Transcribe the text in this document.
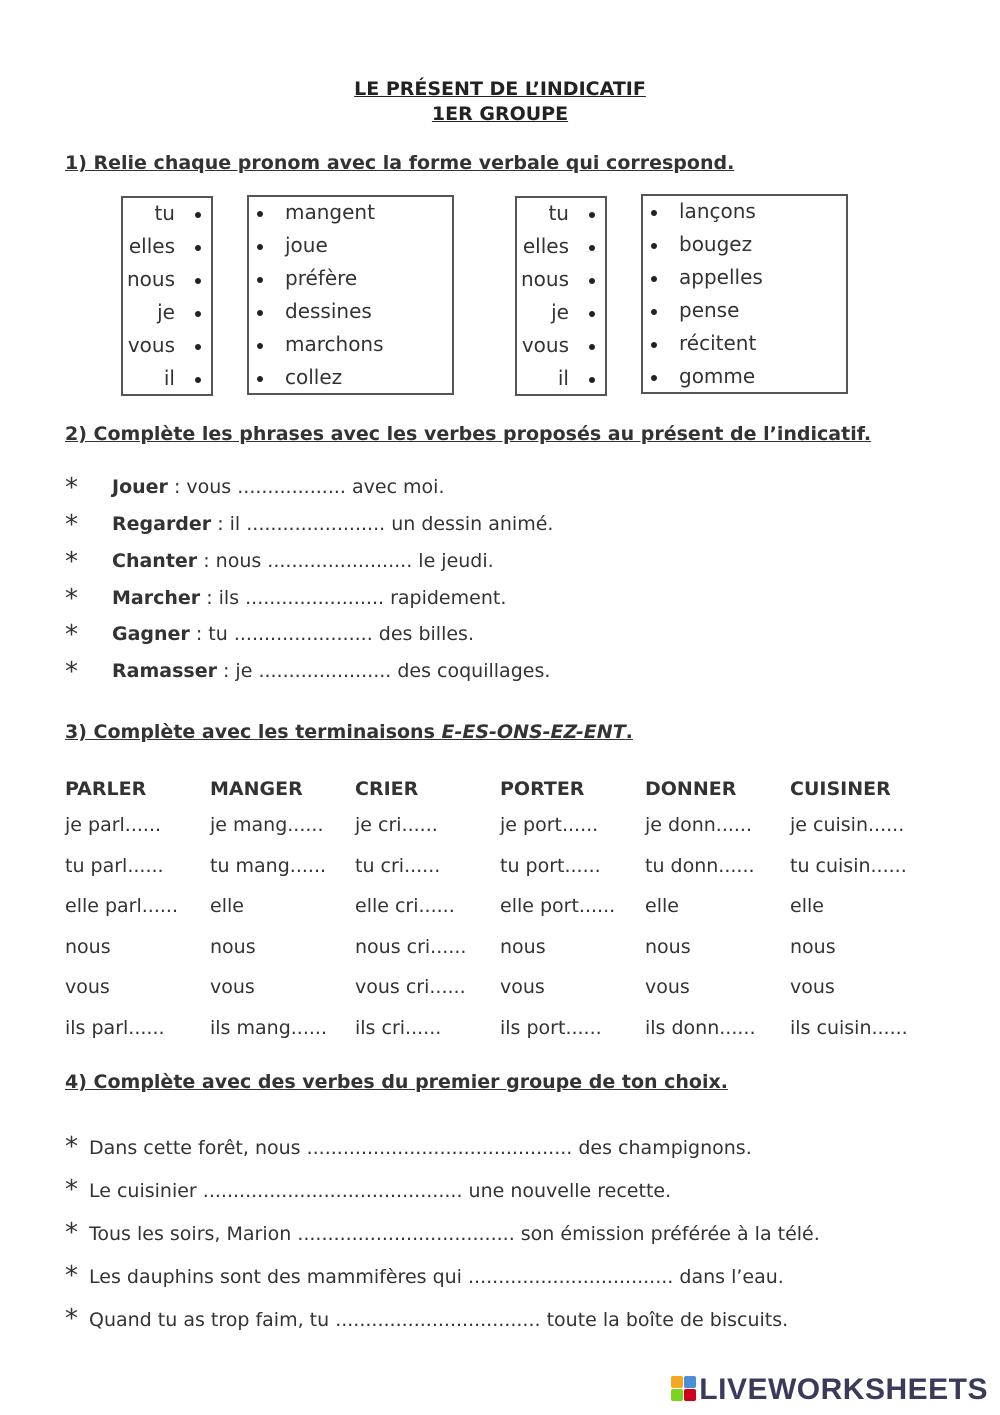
LE PRÉSENT DE L’INDICATIF
1ER GROUPE
1) Relie chaque pronom avec la forme verbale qui correspond.
tu
elles
nous
je
vous
il
mangent
joue
préfère
dessines
marchons
collez
tu
elles
nous
je
vous
il
lançons
bougez
appelles
pense
récitent
gomme
2) Complète les phrases avec les verbes proposés au présent de l’indicatif.
* Jouer : vous .................. avec moi.
* Regarder : il ....................... un dessin animé.
* Chanter : nous ........................ le jeudi.
* Marcher : ils ....................... rapidement.
* Gagner : tu ....................... des billes.
* Ramasser : je ...................... des coquillages.
3) Complète avec les terminaisons E-ES-ONS-EZ-ENT.
PARLER
je parl......
tu parl......
elle parl......
nous
vous
ils parl......
MANGER
je mang......
tu mang......
elle
nous
vous
ils mang......
CRIER
je cri......
tu cri......
elle cri......
nous cri......
vous cri......
ils cri......
PORTER
je port......
tu port......
elle port......
nous
vous
ils port......
DONNER
je donn......
tu donn......
elle
nous
vous
ils donn......
CUISINER
je cuisin......
tu cuisin......
elle
nous
vous
ils cuisin......
4) Complète avec des verbes du premier groupe de ton choix.
* Dans cette forêt, nous ............................................ des champignons.
* Le cuisinier ........................................... une nouvelle recette.
* Tous les soirs, Marion .................................... son émission préférée à la télé.
* Les dauphins sont des mammifères qui .................................. dans l’eau.
* Quand tu as trop faim, tu .................................. toute la boîte de biscuits.
LIVEWORKSHEETS
